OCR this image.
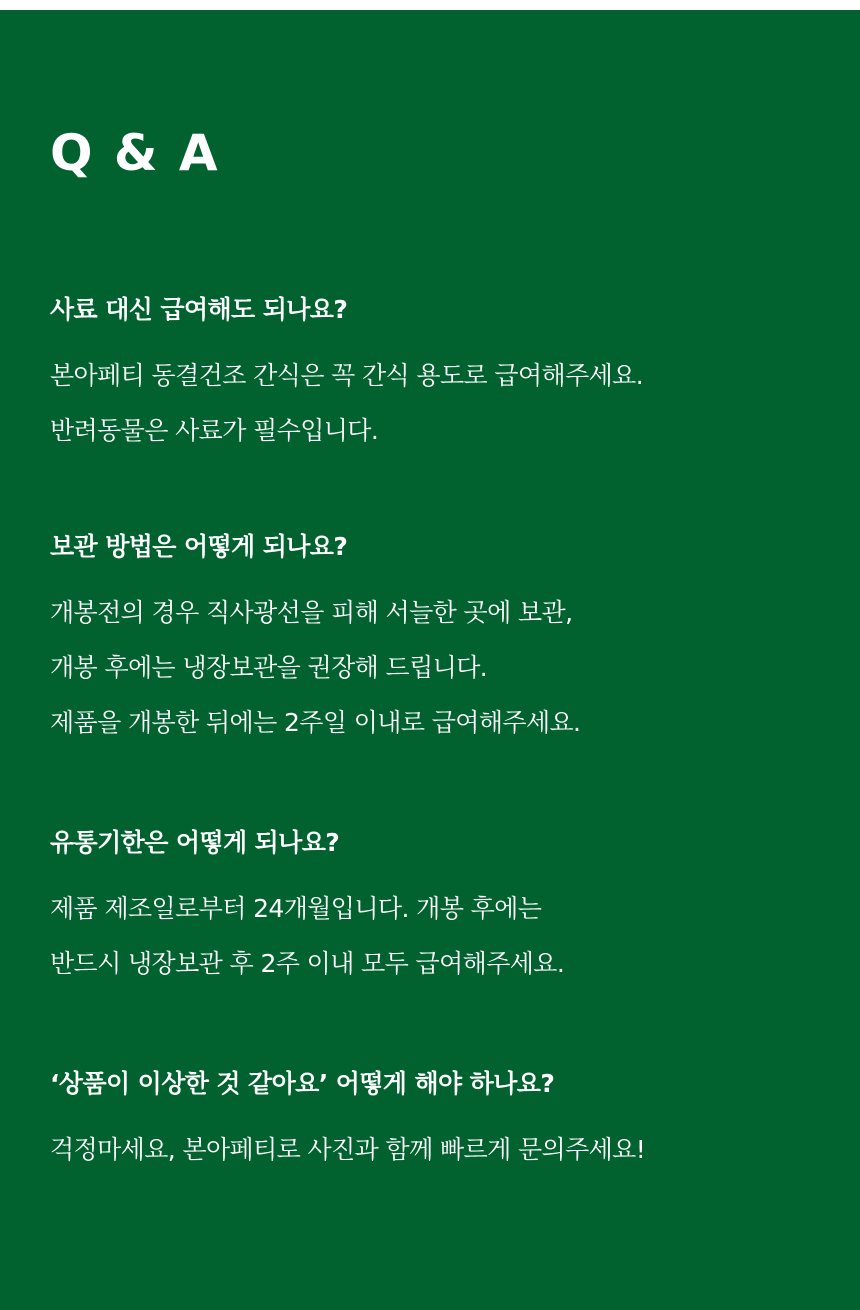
Q & A
사료 대신 급여해도 되나요?

본아페티 동결건조 간식은 꼭 간식 용도로 급여해주세요.
반려동물은 사료가 필수입니다.

보관 방법은 어떻게 되나요?

개봉전의 경우 직사광선을 피해 서늘한 곳에 보관,
개봉 후에는 냉장보관을 권장해 드립니다.
제품을 개봉한 뒤에는 2주일 이내로 급여해주세요.

유통기한은 어떻게 되나요?

제품 제조일로부터 24개월입니다. 개봉 후에는
반드시 냉장보관 후 2주 이내 모두 급여해주세요.

‘상품이 이상한 것 같아요’ 어떻게 해야 하나요?

걱정마세요, 본아페티로 사진과 함께 빠르게 문의주세요!
